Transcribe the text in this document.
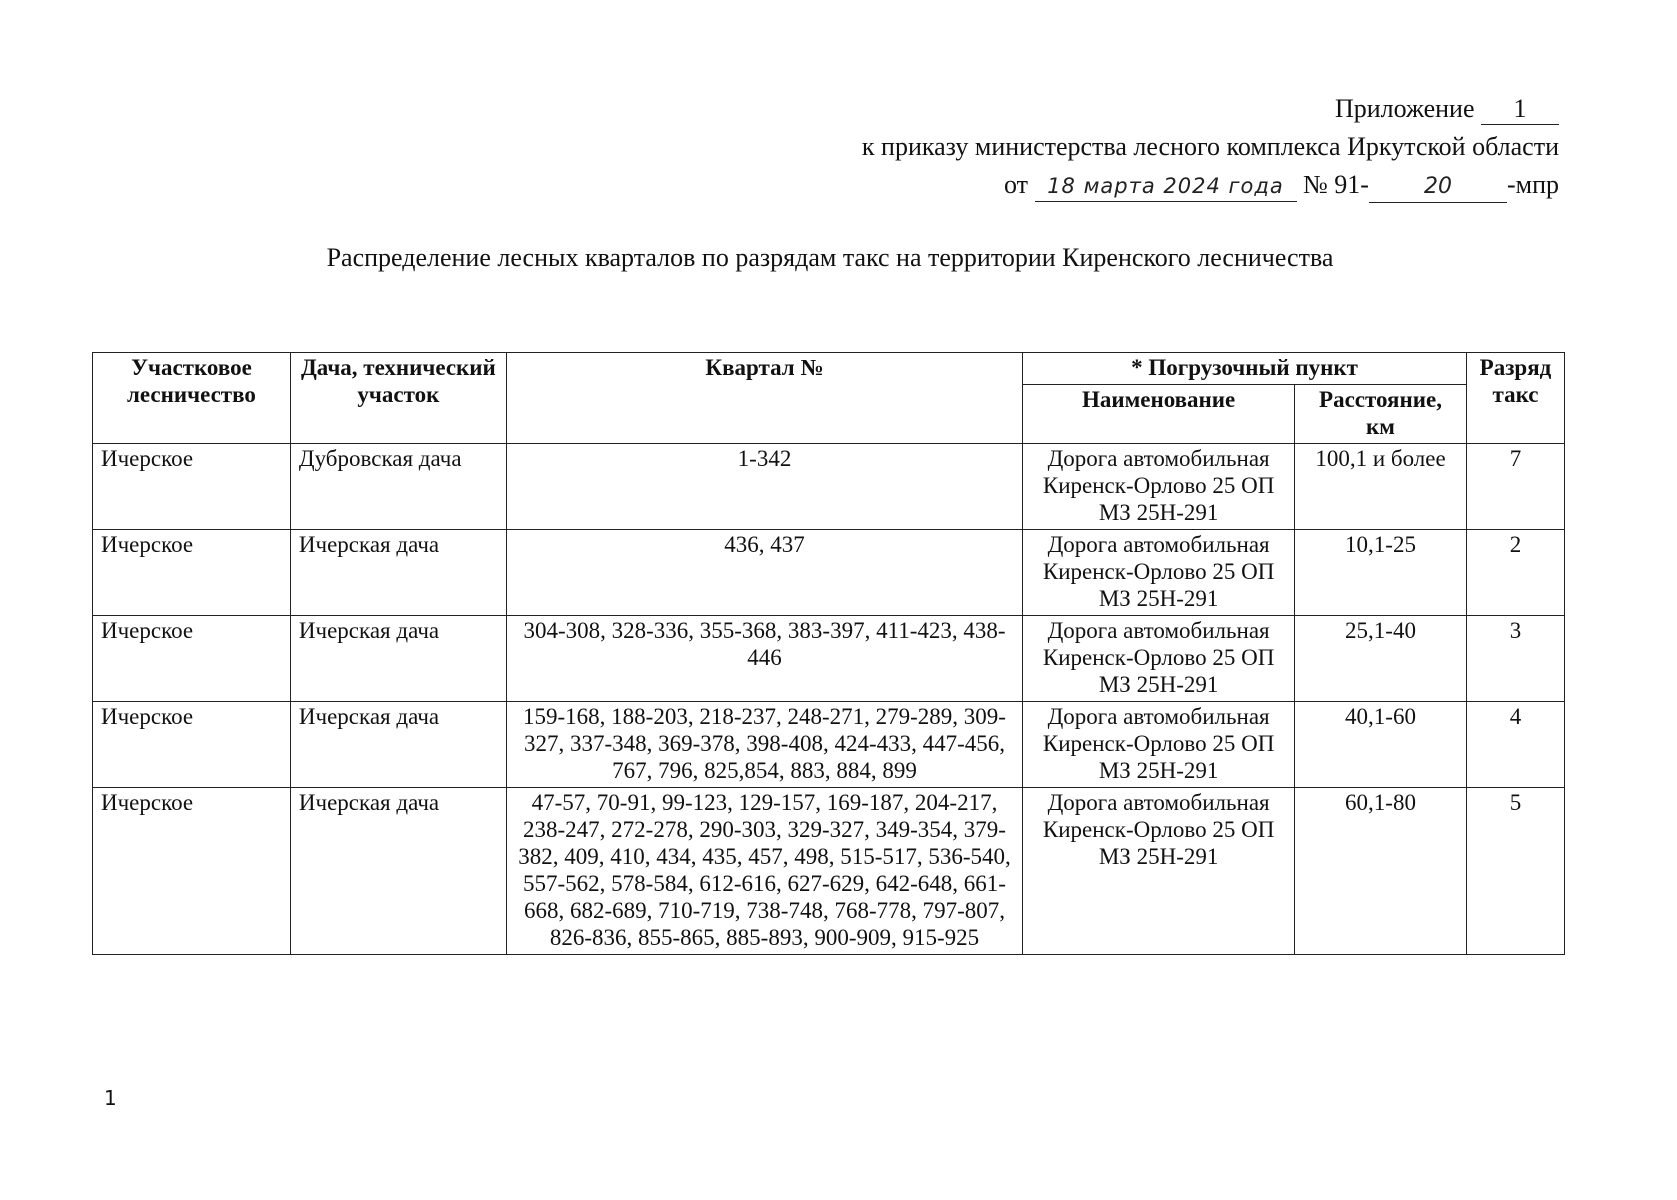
Приложение 1
к приказу министерства лесного комплекса Иркутской области
от 18 марта 2024 года № 91-	20 -мпр
Распределение лесных кварталов по разрядам такс на территории Киренского лесничества
Участковое лесничество	Дача, технический участок	Квартал №	* Погрузочный пункт		Разряд такс
			Наименование	Расстояние, км	
Ичерское	Дубровская дача	1-342	Дорога автомобильная Киренск-Орлово 25 ОП МЗ 25Н-291	100,1 и более	7
Ичерское	Ичерская дача	436, 437	Дорога автомобильная Киренск-Орлово 25 ОП МЗ 25Н-291	10,1-25	2
Ичерское	Ичерская дача	304-308, 328-336, 355-368, 383-397, 411-423, 438-446	Дорога автомобильная Киренск-Орлово 25 ОП МЗ 25Н-291	25,1-40	3
Ичерское	Ичерская дача	159-168, 188-203, 218-237, 248-271, 279-289, 309-327, 337-348, 369-378, 398-408, 424-433, 447-456, 767, 796, 825,854, 883, 884, 899	Дорога автомобильная Киренск-Орлово 25 ОП МЗ 25Н-291	40,1-60	4
Ичерское	Ичерская дача	47-57, 70-91, 99-123, 129-157, 169-187, 204-217, 238-247, 272-278, 290-303, 329-327, 349-354, 379-382, 409, 410, 434, 435, 457, 498, 515-517, 536-540, 557-562, 578-584, 612-616, 627-629, 642-648, 661-668, 682-689, 710-719, 738-748, 768-778, 797-807, 826-836, 855-865, 885-893, 900-909, 915-925	Дорога автомобильная Киренск-Орлово 25 ОП МЗ 25Н-291	60,1-80	5
1
